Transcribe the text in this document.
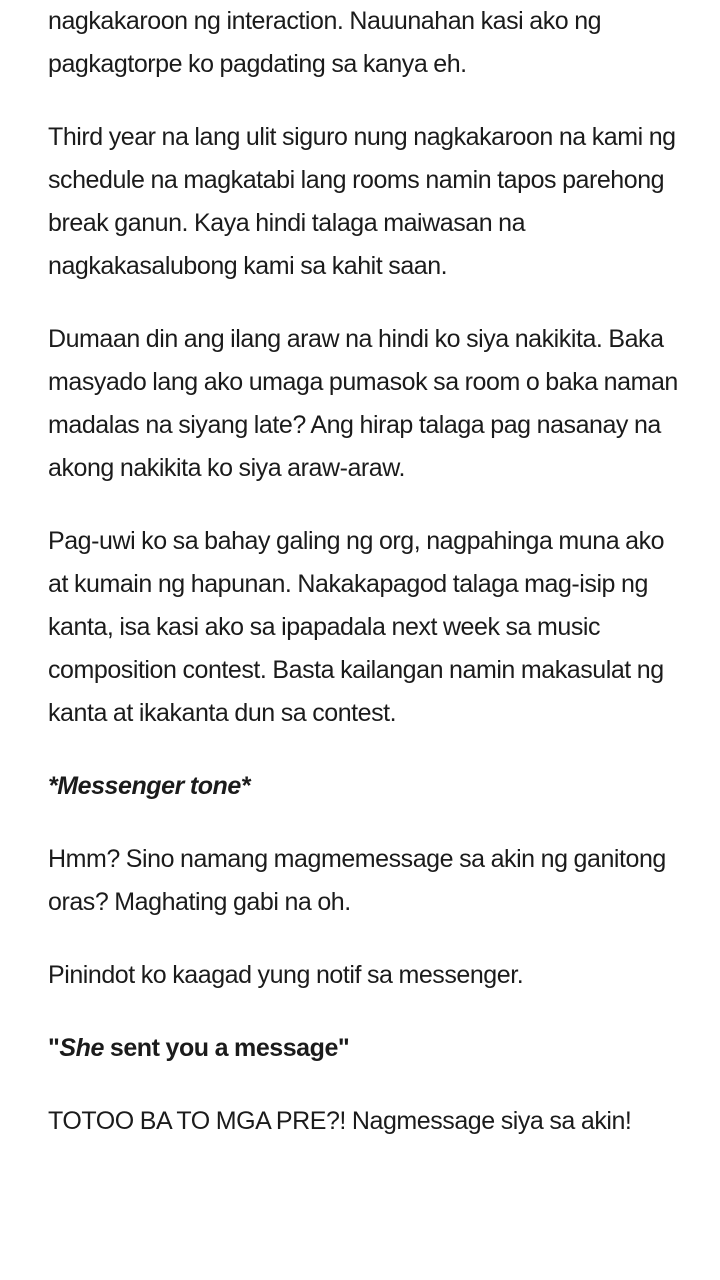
nagkakaroon ng interaction. Nauunahan kasi ako ng pagkagtorpe ko pagdating sa kanya eh.

Third year na lang ulit siguro nung nagkakaroon na kami ng schedule na magkatabi lang rooms namin tapos parehong break ganun. Kaya hindi talaga maiwasan na nagkakasalubong kami sa kahit saan.

Dumaan din ang ilang araw na hindi ko siya nakikita. Baka masyado lang ako umaga pumasok sa room o baka naman madalas na siyang late? Ang hirap talaga pag nasanay na akong nakikita ko siya araw-araw.

Pag-uwi ko sa bahay galing ng org, nagpahinga muna ako at kumain ng hapunan. Nakakapagod talaga mag-isip ng kanta, isa kasi ako sa ipapadala next week sa music composition contest. Basta kailangan namin makasulat ng kanta at ikakanta dun sa contest.

*Messenger tone*

Hmm? Sino namang magmemessage sa akin ng ganitong oras? Maghating gabi na oh.

Pinindot ko kaagad yung notif sa messenger.

"She sent you a message"

TOTOO BA TO MGA PRE?! Nagmessage siya sa akin!
